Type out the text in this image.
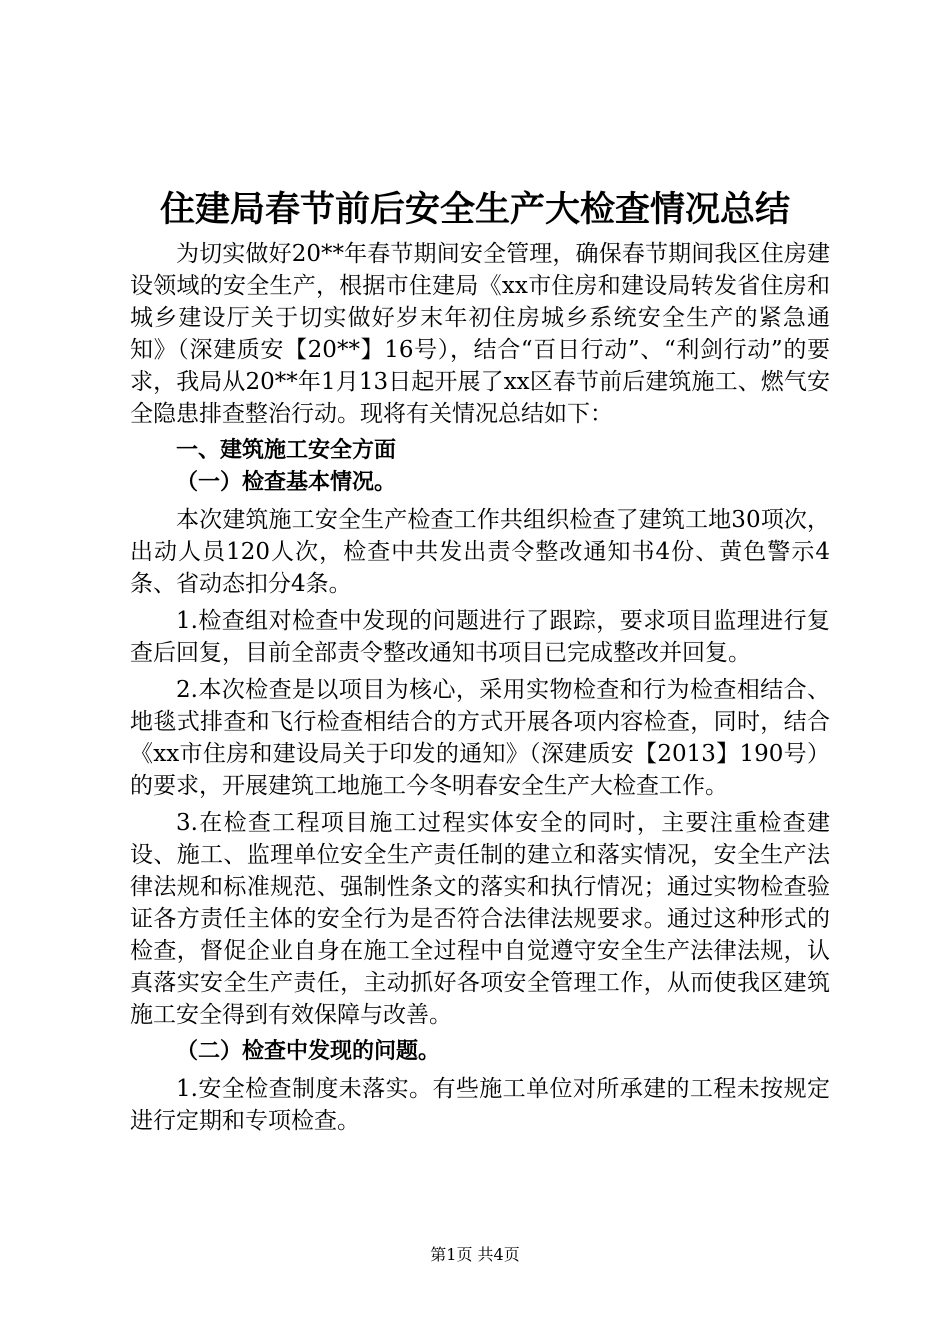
住建局春节前后安全生产大检查情况总结

为切实做好20**年春节期间安全管理，确保春节期间我区住房建设领域的安全生产，根据市住建局《xx市住房和建设局转发省住房和城乡建设厅关于切实做好岁末年初住房城乡系统安全生产的紧急通知》（深建质安【20**】16号），结合“百日行动”、“利剑行动”的要求，我局从20**年1月13日起开展了xx区春节前后建筑施工、燃气安全隐患排查整治行动。现将有关情况总结如下：

一、建筑施工安全方面

（一）检查基本情况。

本次建筑施工安全生产检查工作共组织检查了建筑工地30项次，出动人员120人次，检查中共发出责令整改通知书4份、黄色警示4条、省动态扣分4条。

1.检查组对检查中发现的问题进行了跟踪，要求项目监理进行复查后回复，目前全部责令整改通知书项目已完成整改并回复。

2.本次检查是以项目为核心，采用实物检查和行为检查相结合、地毯式排查和飞行检查相结合的方式开展各项内容检查，同时，结合《xx市住房和建设局关于印发的通知》（深建质安【2013】190号）的要求，开展建筑工地施工今冬明春安全生产大检查工作。

3.在检查工程项目施工过程实体安全的同时，主要注重检查建设、施工、监理单位安全生产责任制的建立和落实情况，安全生产法律法规和标准规范、强制性条文的落实和执行情况；通过实物检查验证各方责任主体的安全行为是否符合法律法规要求。通过这种形式的检查，督促企业自身在施工全过程中自觉遵守安全生产法律法规，认真落实安全生产责任，主动抓好各项安全管理工作，从而使我区建筑施工安全得到有效保障与改善。

（二）检查中发现的问题。

1.安全检查制度未落实。有些施工单位对所承建的工程未按规定进行定期和专项检查。

第1页 共4页
